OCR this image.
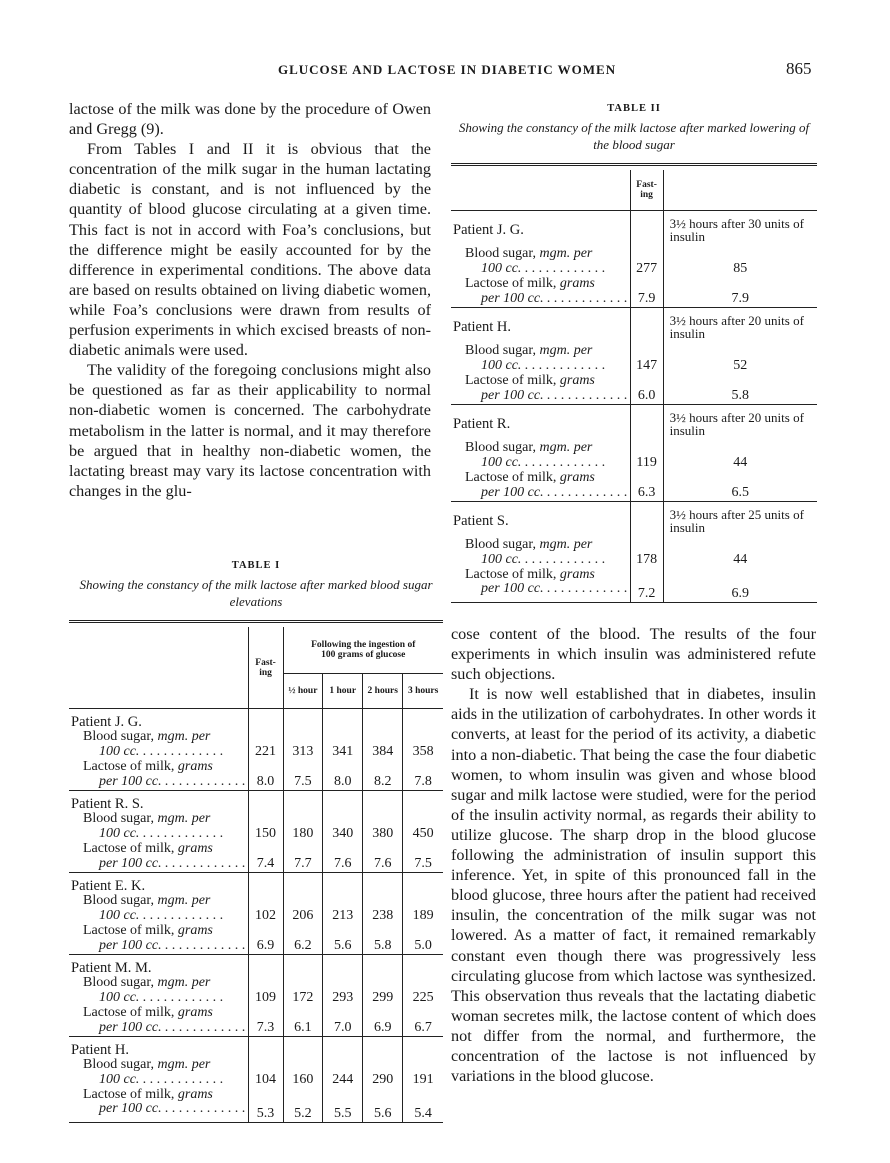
GLUCOSE AND LACTOSE IN DIABETIC WOMEN	865

lactose of the milk was done by the procedure of Owen and Gregg (9).

From Tables I and II it is obvious that the concentration of the milk sugar in the human lactating diabetic is constant, and is not influenced by the quantity of blood glucose circulating at a given time. This fact is not in accord with Foa’s conclusions, but the difference might be easily accounted for by the difference in experimental conditions. The above data are based on results obtained on living diabetic women, while Foa’s conclusions were drawn from results of perfusion experiments in which excised breasts of non-diabetic animals were used.

The validity of the foregoing conclusions might also be questioned as far as their applicability to normal non-diabetic women is concerned. The carbohydrate metabolism in the latter is normal, and it may therefore be argued that in healthy non-diabetic women, the lactating breast may vary its lactose concentration with changes in the glu-

TABLE I
Showing the constancy of the milk lactose after marked blood sugar elevations

	Fast-ing	Following the ingestion of 100 grams of glucose			
		½ hour	1 hour	2 hours	3 hours
Patient J. G.					
Blood sugar, mgm. per					
100 cc. . . .	221	313	341	384	358
Lactose of milk, grams					
per 100 cc. . . .	8.0	7.5	8.0	8.2	7.8
Patient R. S.					
Blood sugar, mgm. per					
100 cc. . . .	150	180	340	380	450
Lactose of milk, grams					
per 100 cc. . . .	7.4	7.7	7.6	7.6	7.5
Patient E. K.					
Blood sugar, mgm. per					
100 cc. . . .	102	206	213	238	189
Lactose of milk, grams					
per 100 cc. . . .	6.9	6.2	5.6	5.8	5.0
Patient M. M.					
Blood sugar, mgm. per					
100 cc. . . .	109	172	293	299	225
Lactose of milk, grams					
per 100 cc. . . .	7.3	6.1	7.0	6.9	6.7
Patient H.					
Blood sugar, mgm. per					
100 cc. . . .	104	160	244	290	191
Lactose of milk, grams					
per 100 cc. . . .	5.3	5.2	5.5	5.6	5.4

TABLE II
Showing the constancy of the milk lactose after marked lowering of the blood sugar

	Fast-ing	
Patient J. G.		3½ hours after 30 units of insulin
Blood sugar, mgm. per		
100 cc. . . .	277	85
Lactose of milk, grams		
per 100 cc. . . .	7.9	7.9
Patient H.		3½ hours after 20 units of insulin
Blood sugar, mgm. per		
100 cc. . . .	147	52
Lactose of milk, grams		
per 100 cc. . . .	6.0	5.8
Patient R.		3½ hours after 20 units of insulin
Blood sugar, mgm. per		
100 cc. . . .	119	44
Lactose of milk, grams		
per 100 cc. . . .	6.3	6.5
Patient S.		3½ hours after 25 units of insulin
Blood sugar, mgm. per		
100 cc. . . .	178	44
Lactose of milk, grams		
per 100 cc. . . .	7.2	6.9

cose content of the blood. The results of the four experiments in which insulin was administered refute such objections.

It is now well established that in diabetes, insulin aids in the utilization of carbohydrates. In other words it converts, at least for the period of its activity, a diabetic into a non-diabetic. That being the case the four diabetic women, to whom insulin was given and whose blood sugar and milk lactose were studied, were for the period of the insulin activity normal, as regards their ability to utilize glucose. The sharp drop in the blood glucose following the administration of insulin support this inference. Yet, in spite of this pronounced fall in the blood glucose, three hours after the patient had received insulin, the concentration of the milk sugar was not lowered. As a matter of fact, it remained remarkably constant even though there was progressively less circulating glucose from which lactose was synthesized. This observation thus reveals that the lactating diabetic woman secretes milk, the lactose content of which does not differ from the normal, and furthermore, the concentration of the lactose is not influenced by variations in the blood glucose.
